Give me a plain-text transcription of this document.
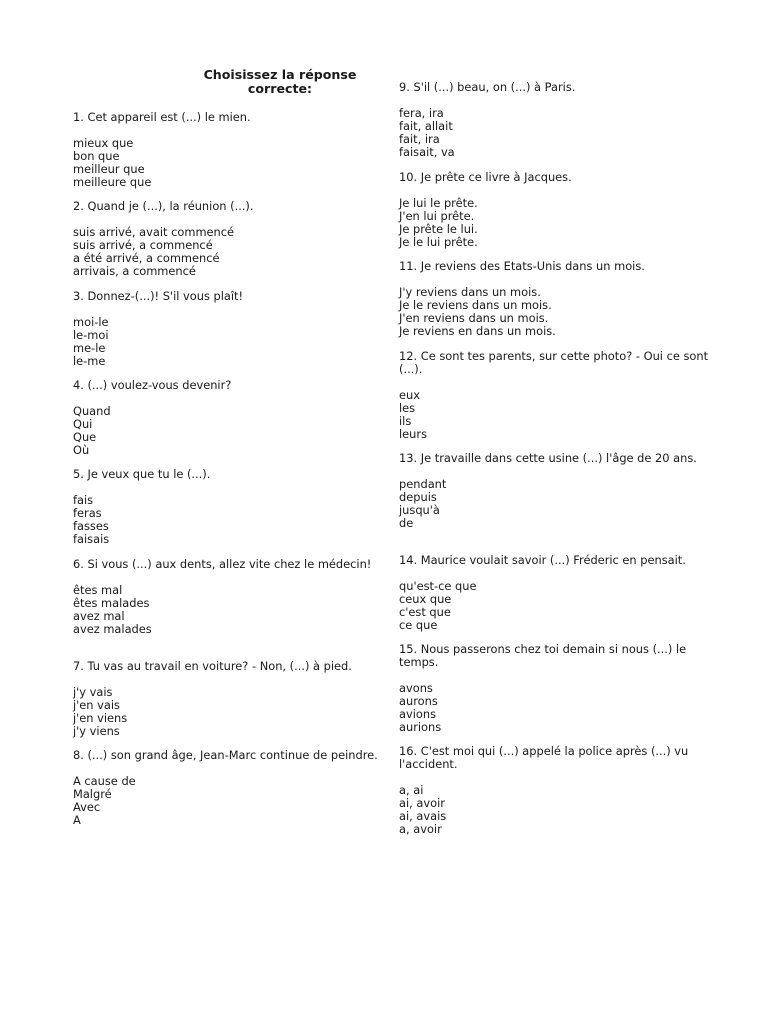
Choisissez la réponse correcte:
1. Cet appareil est (...) le mien.
mieux que
bon que
meilleur que
meilleure que
2. Quand je (...), la réunion (...).
suis arrivé, avait commencé
suis arrivé, a commencé
a été arrivé, a commencé
arrivais, a commencé
3. Donnez-(...)! S'il vous plaît!
moi-le
le-moi
me-le
le-me
4. (...) voulez-vous devenir?
Quand
Qui
Que
Où
5. Je veux que tu le (...).
fais
feras
fasses
faisais
6. Si vous (...) aux dents, allez vite chez le médecin!
êtes mal
êtes malades
avez mal
avez malades
7. Tu vas au travail en voiture? - Non, (...) à pied.
j'y vais
j'en vais
j'en viens
j'y viens
8. (...) son grand âge, Jean-Marc continue de peindre.
A cause de
Malgré
Avec
A
9. S'il (...) beau, on (...) à Paris.
fera, ira
fait, allait
fait, ira
faisait, va
10. Je prête ce livre à Jacques.
Je lui le prête.
J'en lui prête.
Je prête le lui.
Je le lui prête.
11. Je reviens des Etats-Unis dans un mois.
J'y reviens dans un mois.
Je le reviens dans un mois.
J'en reviens dans un mois.
Je reviens en dans un mois.
12. Ce sont tes parents, sur cette photo? - Oui ce sont (...).
eux
les
ils
leurs
13. Je travaille dans cette usine (...) l'âge de 20 ans.
pendant
depuis
jusqu'à
de
14. Maurice voulait savoir (...) Fréderic en pensait.
qu'est-ce que
ceux que
c'est que
ce que
15. Nous passerons chez toi demain si nous (...) le temps.
avons
aurons
avions
aurions
16. C'est moi qui (...) appelé la police après (...) vu l'accident.
a, ai
ai, avoir
ai, avais
a, avoir
